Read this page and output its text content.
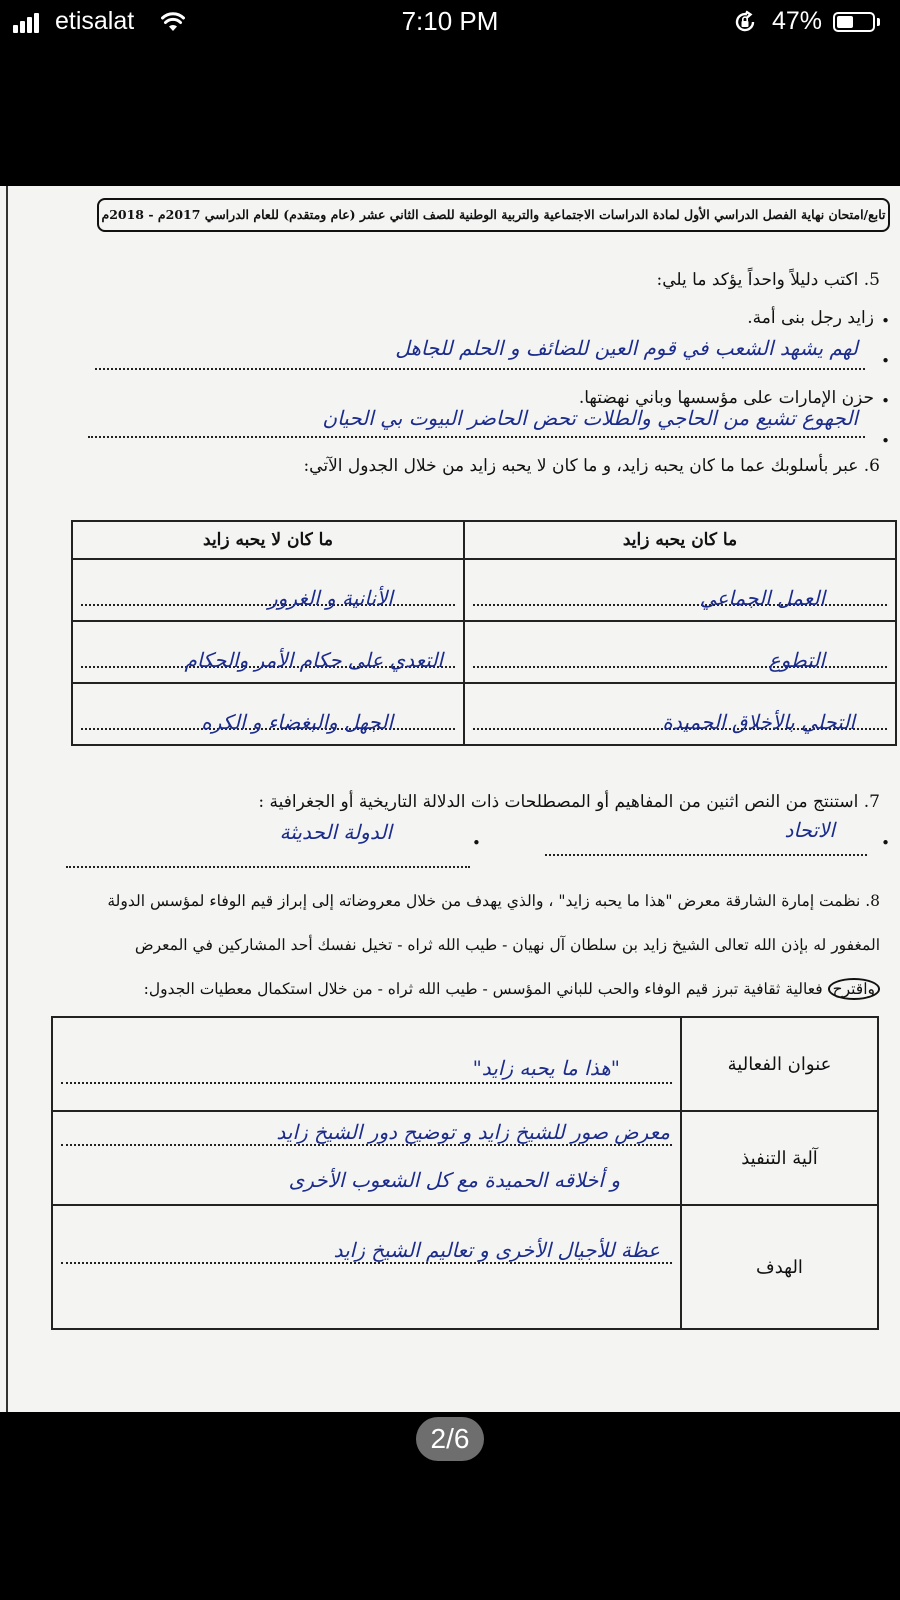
etisalat	7:10 PM	47%
تابع/امتحان نهاية الفصل الدراسي الأول لمادة الدراسات الاجتماعية والتربية الوطنية للصف الثاني عشر (عام ومتقدم) للعام الدراسي 2017م - 2018م
5. اكتب دليلاً واحداً يؤكد ما يلي:
•
زايد رجل بنى أمة.
•
لهم يشهد الشعب في قوم العين للضائف و الحلم للجاهل
•
حزن الإمارات على مؤسسها وباني نهضتها.
•
الجهوع تشيع من الحاجي والطلات تحض الحاضر البيوت بي الحيان
6. عبر بأسلوبك عما ما كان يحبه زايد، و ما كان لا يحبه زايد من خلال الجدول الآتي:
ما كان لا يحبه زايد	ما كان يحبه زايد

الأنانية و الغرور	العمل الجماعي

التعدي على حكام الأمر والحكام	التطوع

الجهل والبغضاء و الكره	التحلي بالأخلاق الحميدة
7. استنتج من النص اثنين من المفاهيم أو المصطلحات ذات الدلالة التاريخية أو الجغرافية :
•
الاتحاد
•
الدولة الحديثة
8. نظمت إمارة الشارقة معرض "هذا ما يحبه زايد" ، والذي يهدف من خلال معروضاته إلى إبراز قيم الوفاء لمؤسس الدولة
المغفور له بإذن الله تعالى الشيخ زايد بن سلطان آل نهيان - طيب الله ثراه - تخيل نفسك أحد المشاركين في المعرض
واقترح فعالية ثقافية تبرز قيم الوفاء والحب للباني المؤسس - طيب الله ثراه - من خلال استكمال معطيات الجدول:
"هذا ما يحبه زايد"	عنوان الفعالية

معرض صور للشيخ زايد و توضيح دور الشيخ زايد
و أخلاقه الحميدة مع كل الشعوب الأخرى	آلية التنفيذ

عظة للأجيال الأخرى و تعاليم الشيخ زايد	الهدف
2/6
